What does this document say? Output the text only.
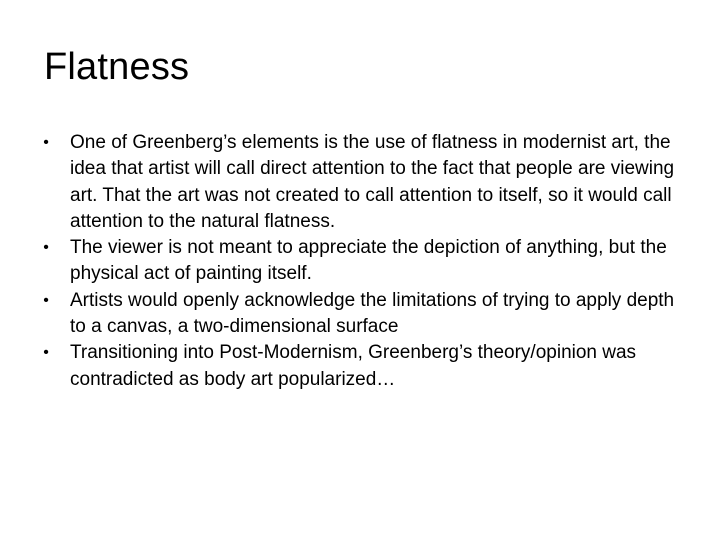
Flatness
•	One of Greenberg’s elements is the use of flatness in modernist art, the idea that artist will call direct attention to the fact that people are viewing art. That the art was not created to call attention to itself, so it would call attention to the natural flatness.
•	The viewer is not meant to appreciate the depiction of anything, but the physical act of painting itself.
•	Artists would openly acknowledge the limitations of trying to apply depth to a canvas, a two-dimensional surface
•	Transitioning into Post-Modernism, Greenberg’s theory/opinion was contradicted as body art popularized…
